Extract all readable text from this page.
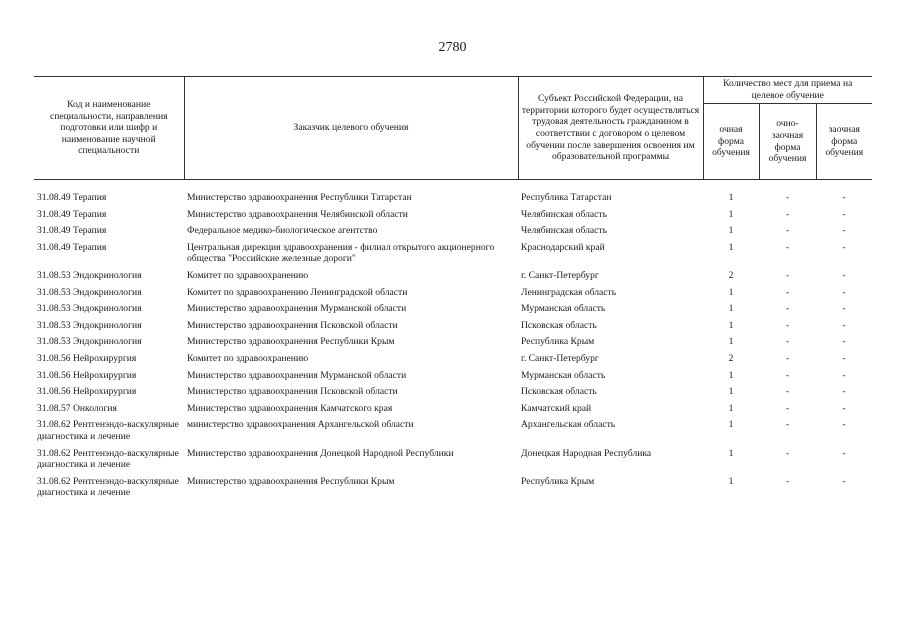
2780
Код и наименование специальности, направления подготовки или шифр и наименование научной специальности	Заказчик целевого обучения	Субъект Российской Федерации, на территории которого будет осуществляться трудовая деятельность гражданином в соответствии с договором о целевом обучении после завершения освоения им образовательной программы	Количество мест для приема на целевое обучение		
			очная форма обучения	очно-заочная форма обучения	заочная форма обучения

31.08.49 Терапия	Министерство здравоохранения Республики Татарстан	Республика Татарстан	1	-	-
31.08.49 Терапия	Министерство здравоохранения Челябинской области	Челябинская область	1	-	-
31.08.49 Терапия	Федеральное медико-биологическое агентство	Челябинская область	1	-	-
31.08.49 Терапия	Центральная дирекция здравоохранения - филиал открытого акционерного общества "Российские железные дороги"	Краснодарский край	1	-	-
31.08.53 Эндокринология	Комитет по здравоохранению	г. Санкт-Петербург	2	-	-
31.08.53 Эндокринология	Комитет по здравоохранению Ленинградской области	Ленинградская область	1	-	-
31.08.53 Эндокринология	Министерство здравоохранения Мурманской области	Мурманская область	1	-	-
31.08.53 Эндокринология	Министерство здравоохранения Псковской области	Псковская область	1	-	-
31.08.53 Эндокринология	Министерство здравоохранения Республики Крым	Республика Крым	1	-	-
31.08.56 Нейрохирургия	Комитет по здравоохранению	г. Санкт-Петербург	2	-	-
31.08.56 Нейрохирургия	Министерство здравоохранения Мурманской области	Мурманская область	1	-	-
31.08.56 Нейрохирургия	Министерство здравоохранения Псковской области	Псковская область	1	-	-
31.08.57 Онкология	Министерство здравоохранения Камчатского края	Камчатский край	1	-	-
31.08.62 Рентгенэндо-васкулярные диагностика и лечение	министерство здравоохранения Архангельской области	Архангельская область	1	-	-
31.08.62 Рентгенэндо-васкулярные диагностика и лечение	Министерство здравоохранения Донецкой Народной Республики	Донецкая Народная Республика	1	-	-
31.08.62 Рентгенэндо-васкулярные диагностика и лечение	Министерство здравоохранения Республики Крым	Республика Крым	1	-	-
